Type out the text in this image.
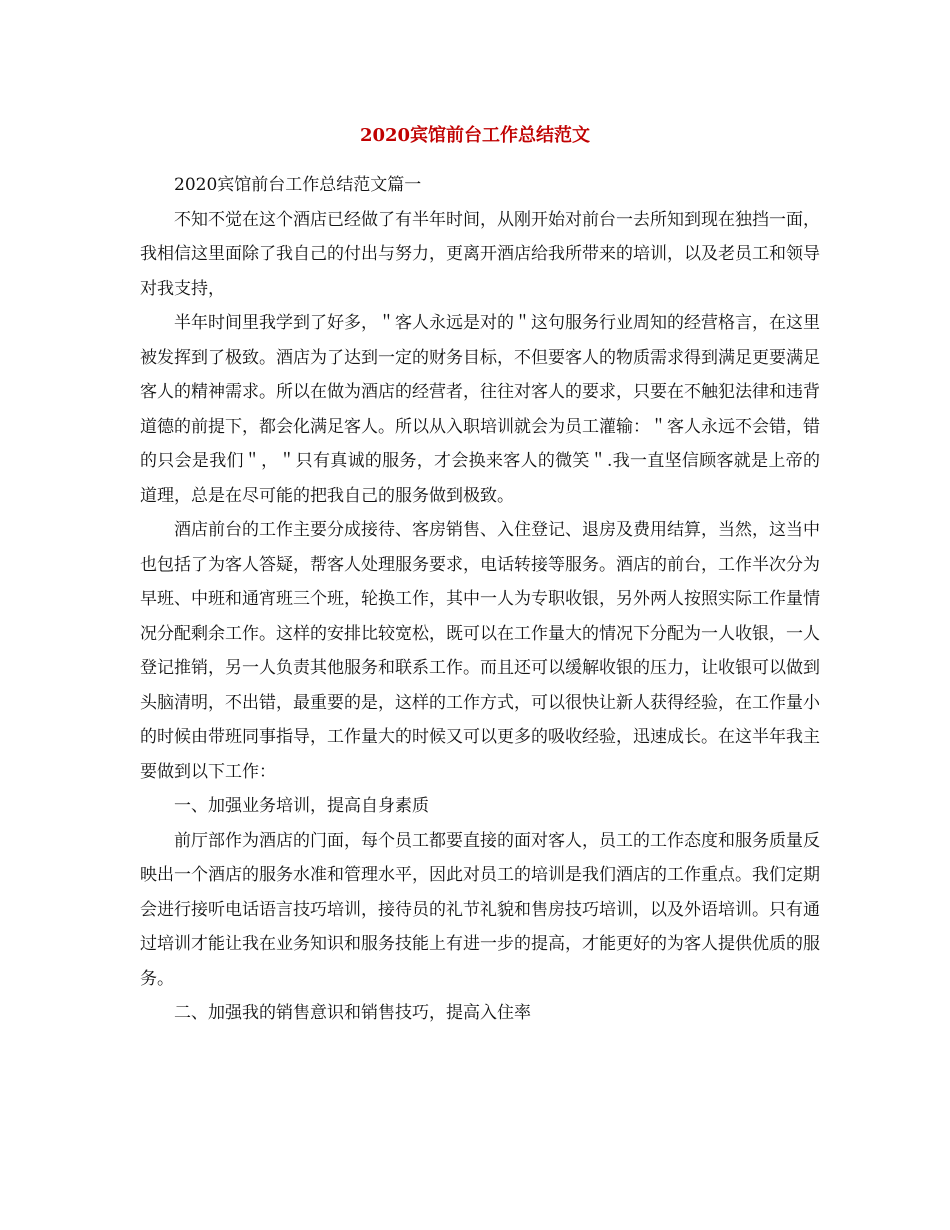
2020宾馆前台工作总结范文

2020宾馆前台工作总结范文篇一

不知不觉在这个酒店已经做了有半年时间，从刚开始对前台一去所知到现在独挡一面，我相信这里面除了我自己的付出与努力，更离开酒店给我所带来的培训，以及老员工和领导对我支持，

半年时间里我学到了好多，＂客人永远是对的＂这句服务行业周知的经营格言，在这里被发挥到了极致。酒店为了达到一定的财务目标，不但要客人的物质需求得到满足更要满足客人的精神需求。所以在做为酒店的经营者，往往对客人的要求，只要在不触犯法律和违背道德的前提下，都会化满足客人。所以从入职培训就会为员工灌输：＂客人永远不会错，错的只会是我们＂，＂只有真诚的服务，才会换来客人的微笑＂.我一直坚信顾客就是上帝的道理，总是在尽可能的把我自己的服务做到极致。

酒店前台的工作主要分成接待、客房销售、入住登记、退房及费用结算，当然，这当中也包括了为客人答疑，帮客人处理服务要求，电话转接等服务。酒店的前台，工作半次分为早班、中班和通宵班三个班，轮换工作，其中一人为专职收银，另外两人按照实际工作量情况分配剩余工作。这样的安排比较宽松，既可以在工作量大的情况下分配为一人收银，一人登记推销，另一人负责其他服务和联系工作。而且还可以缓解收银的压力，让收银可以做到头脑清明，不出错，最重要的是，这样的工作方式，可以很快让新人获得经验，在工作量小的时候由带班同事指导，工作量大的时候又可以更多的吸收经验，迅速成长。在这半年我主要做到以下工作：

一、加强业务培训，提高自身素质

前厅部作为酒店的门面，每个员工都要直接的面对客人，员工的工作态度和服务质量反映出一个酒店的服务水准和管理水平，因此对员工的培训是我们酒店的工作重点。我们定期会进行接听电话语言技巧培训，接待员的礼节礼貌和售房技巧培训，以及外语培训。只有通过培训才能让我在业务知识和服务技能上有进一步的提高，才能更好的为客人提供优质的服务。

二、加强我的销售意识和销售技巧，提高入住率
